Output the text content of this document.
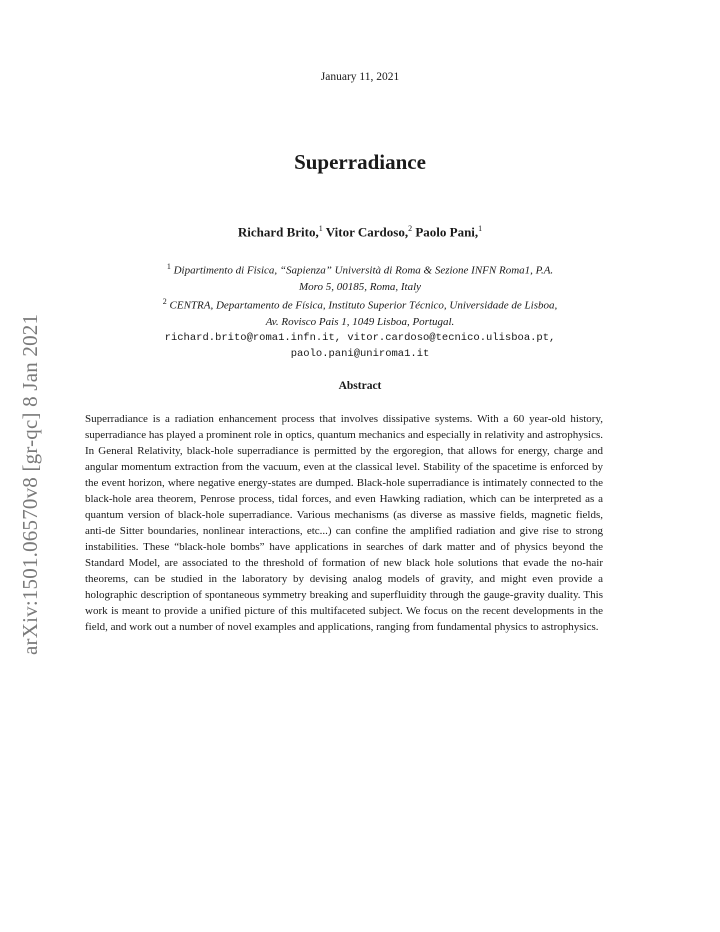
arXiv:1501.06570v8 [gr-qc] 8 Jan 2021
January 11, 2021
Superradiance
Richard Brito,$^1$ Vitor Cardoso,$^2$ Paolo Pani,$^1$
$^1$ Dipartimento di Fisica, “Sapienza” Università di Roma & Sezione INFN Roma1, P.A.
Moro 5, 00185, Roma, Italy
$^2$ CENTRA, Departamento de Física, Instituto Superior Técnico, Universidade de Lisboa,
Av. Rovisco Pais 1, 1049 Lisboa, Portugal.
richard.brito@roma1.infn.it, vitor.cardoso@tecnico.ulisboa.pt,
paolo.pani@uniroma1.it
Abstract
Superradiance is a radiation enhancement process that involves dissipative systems. With a 60 year-old history, superradiance has played a prominent role in optics, quantum mechanics and especially in relativity and astrophysics. In General Relativity, black-hole superradiance is permitted by the ergoregion, that allows for energy, charge and angular momentum extraction from the vacuum, even at the classical level. Stability of the spacetime is enforced by the event horizon, where negative energy-states are dumped. Black-hole superradiance is intimately connected to the black-hole area theorem, Penrose process, tidal forces, and even Hawking radiation, which can be interpreted as a quantum version of black-hole superradiance. Various mechanisms (as diverse as massive fields, magnetic fields, anti-de Sitter boundaries, nonlinear interactions, etc...) can confine the amplified radiation and give rise to strong instabilities. These “black-hole bombs” have applications in searches of dark matter and of physics beyond the Standard Model, are associated to the threshold of formation of new black hole solutions that evade the no-hair theorems, can be studied in the laboratory by devising analog models of gravity, and might even provide a holographic description of spontaneous symmetry breaking and superfluidity through the gauge-gravity duality. This work is meant to provide a unified picture of this multifaceted subject. We focus on the recent developments in the field, and work out a number of novel examples and applications, ranging from fundamental physics to astrophysics.
